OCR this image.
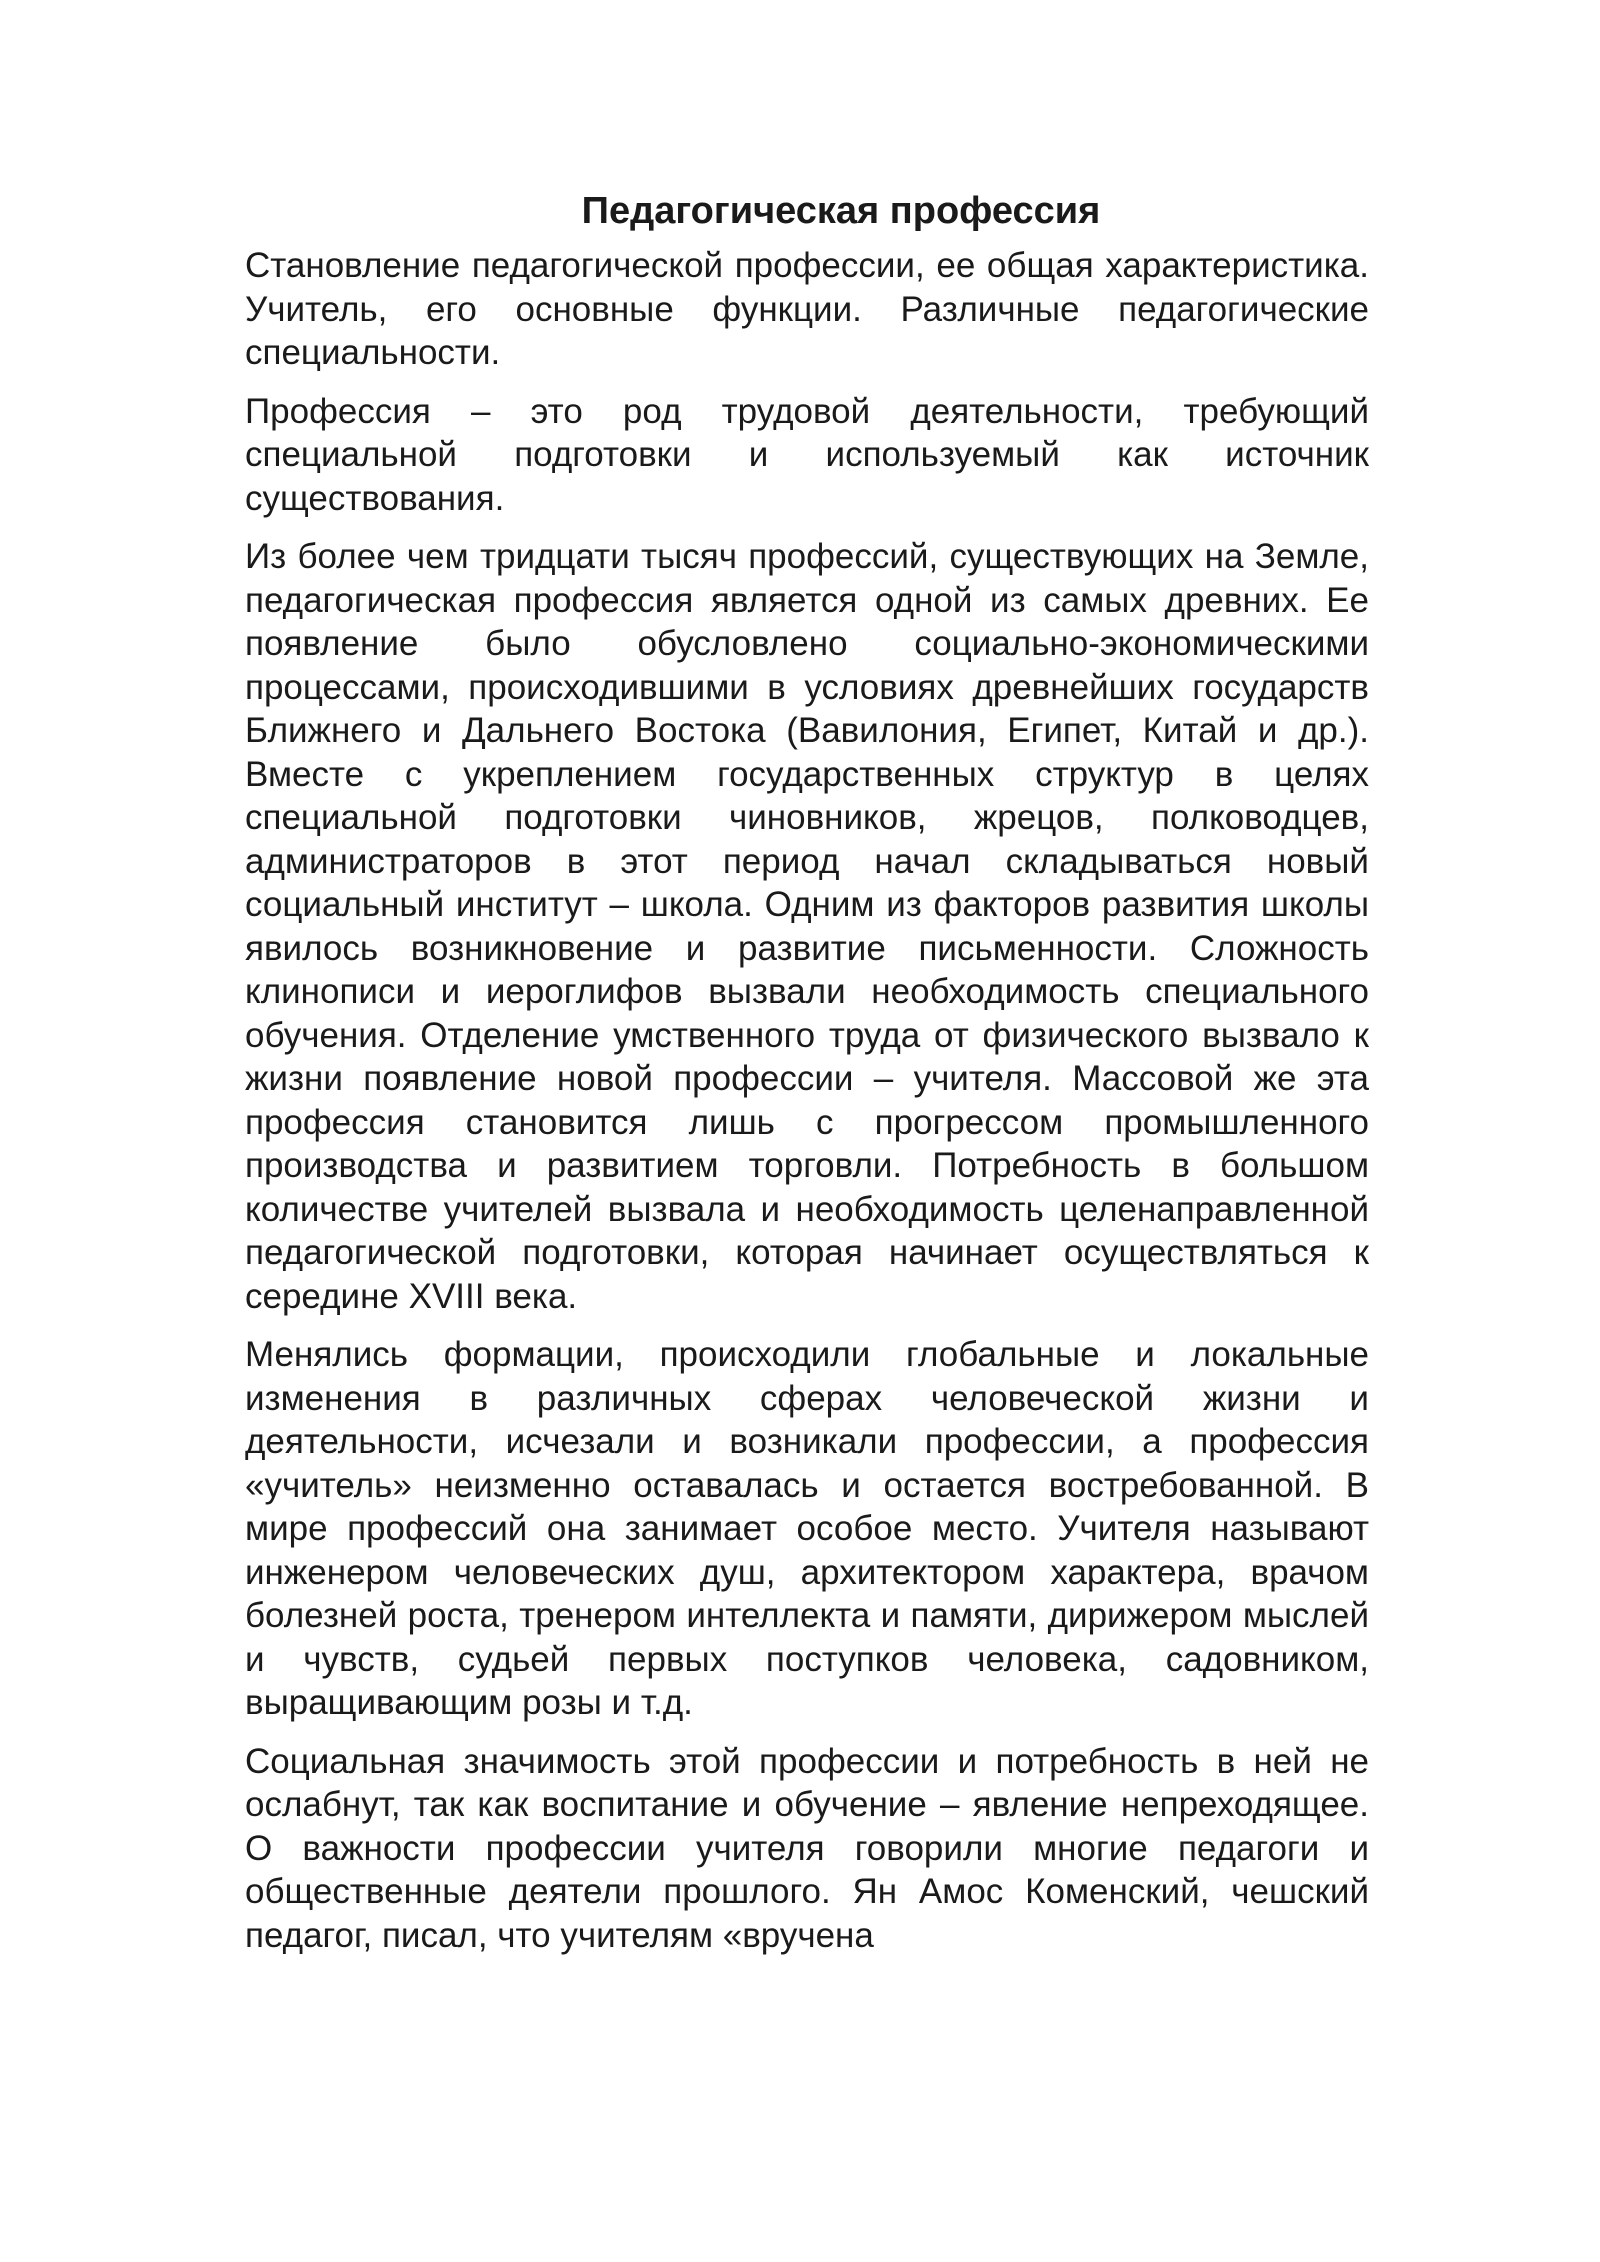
Педагогическая профессия

Становление педагогической профессии, ее общая характеристика. Учитель, его основные функции. Различные педагогические специальности.

Профессия – это род трудовой деятельности, требующий специальной подготовки и используемый как источник существования.

Из более чем тридцати тысяч профессий, существующих на Земле, педагогическая профессия является одной из самых древних. Ее появление было обусловлено социально-экономическими процессами, происходившими в условиях древнейших государств Ближнего и Дальнего Востока (Вавилония, Египет, Китай и др.). Вместе с укреплением государственных структур в целях специальной подготовки чиновников, жрецов, полководцев, администраторов в этот период начал складываться новый социальный институт – школа. Одним из факторов развития школы явилось возникновение и развитие письменности. Сложность клинописи и иероглифов вызвали необходимость специального обучения. Отделение умственного труда от физического вызвало к жизни появление новой профессии – учителя. Массовой же эта профессия становится лишь с прогрессом промышленного производства и развитием торговли. Потребность в большом количестве учителей вызвала и необходимость целенаправленной педагогической подготовки, которая начинает осуществляться к середине XVIII века.

Менялись формации, происходили глобальные и локальные изменения в различных сферах человеческой жизни и деятельности, исчезали и возникали профессии, а профессия «учитель» неизменно оставалась и остается востребованной. В мире профессий она занимает особое место. Учителя называют инженером человеческих душ, архитектором характера, врачом болезней роста, тренером интеллекта и памяти, дирижером мыслей и чувств, судьей первых поступков человека, садовником, выращивающим розы и т.д.

Социальная значимость этой профессии и потребность в ней не ослабнут, так как воспитание и обучение – явление непреходящее. О важности профессии учителя говорили многие педагоги и общественные деятели прошлого. Ян Амос Коменский, чешский педагог, писал, что учителям «вручена
